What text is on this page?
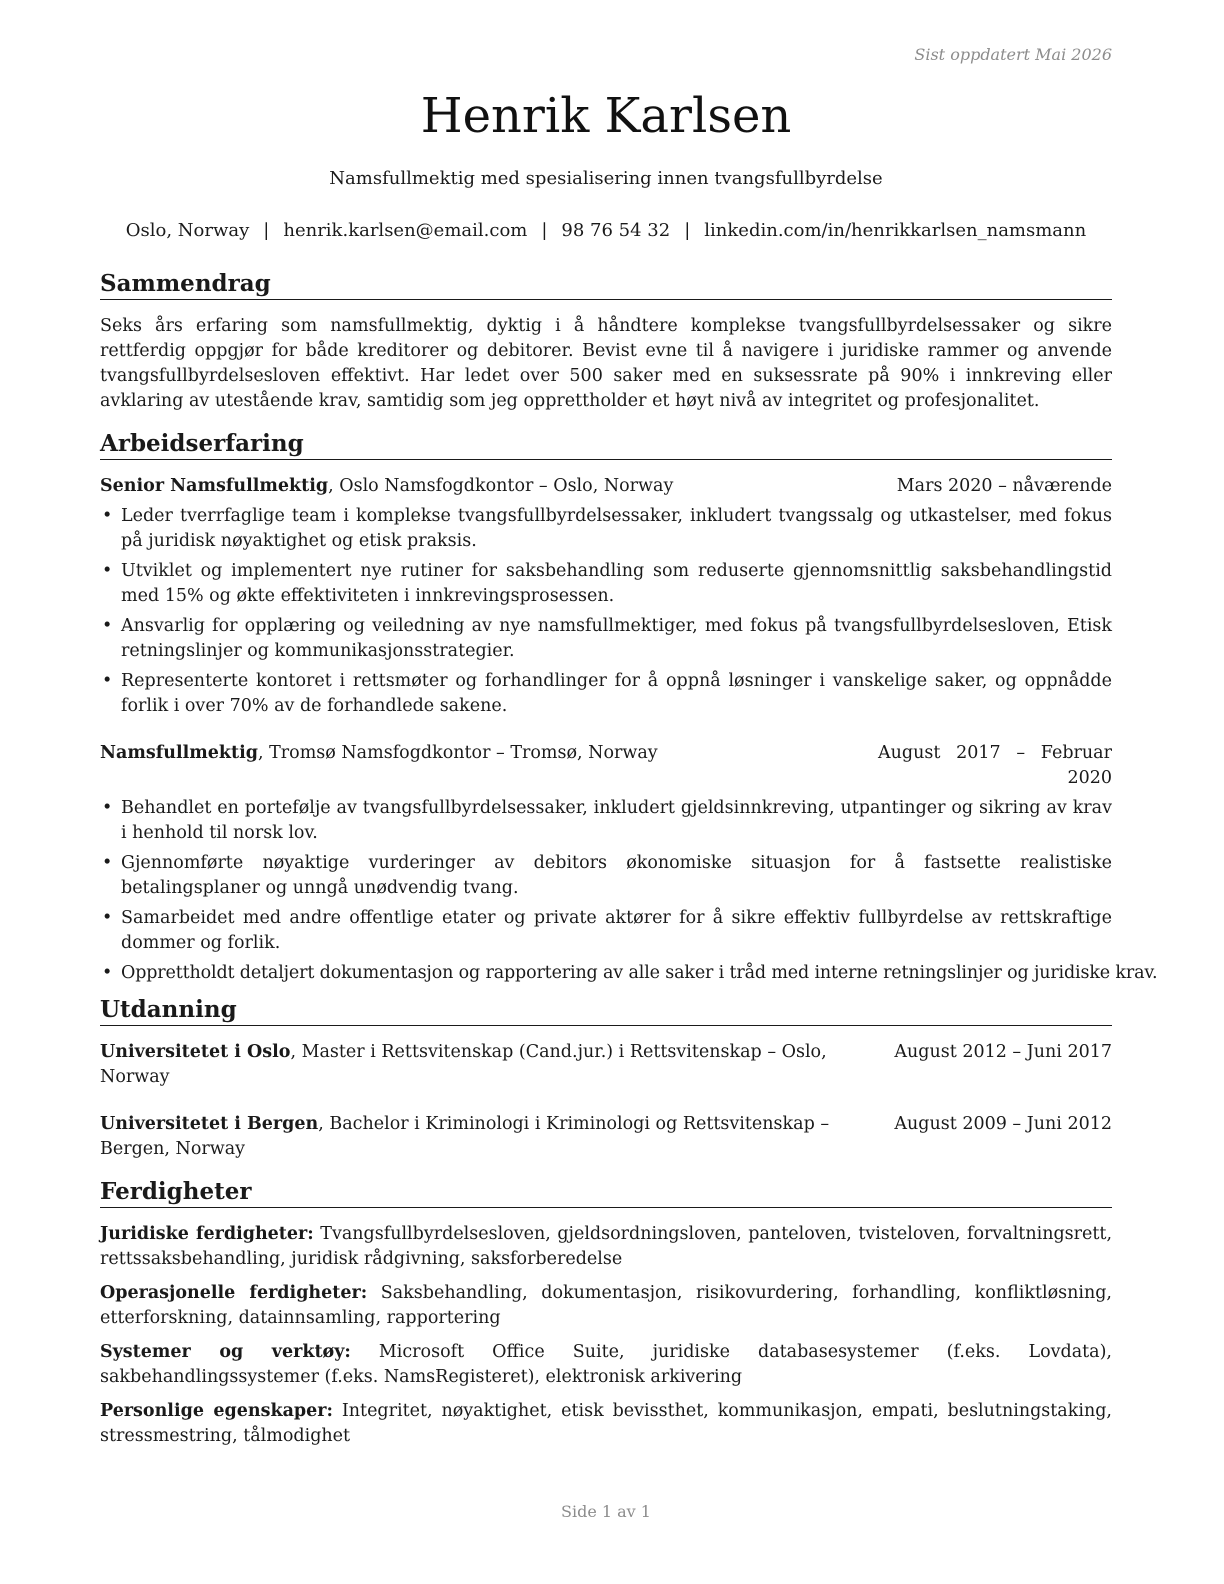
Sist oppdatert Mai 2026
Henrik Karlsen
Namsfullmektig med spesialisering innen tvangsfullbyrdelse
Oslo, Norway | henrik.karlsen@email.com | 98 76 54 32 | linkedin.com/in/henrikkarlsen_namsmann
Sammendrag

Seks års erfaring som namsfullmektig, dyktig i å håndtere komplekse tvangsfullbyrdelsessaker og sikre rettferdig oppgjør for både kreditorer og debitorer. Bevist evne til å navigere i juridiske rammer og anvende tvangsfullbyrdelsesloven effektivt. Har ledet over 500 saker med en suksessrate på 90% i innkreving eller avklaring av utestående krav, samtidig som jeg opprettholder et høyt nivå av integritet og profesjonalitet.

Arbeidserfaring
Senior Namsfullmektig, Oslo Namsfogdkontor – Oslo, Norway	Mars 2020 – nåværende
• Leder tverrfaglige team i komplekse tvangsfullbyrdelsessaker, inkludert tvangssalg og utkastelser, med fokus på juridisk nøyaktighet og etisk praksis.
• Utviklet og implementert nye rutiner for saksbehandling som reduserte gjennomsnittlig saksbehandlingstid med 15% og økte effektiviteten i innkrevingsprosessen.
• Ansvarlig for opplæring og veiledning av nye namsfullmektiger, med fokus på tvangsfullbyrdelsesloven, Etisk retningslinjer og kommunikasjonsstrategier.
• Representerte kontoret i rettsmøter og forhandlinger for å oppnå løsninger i vanskelige saker, og oppnådde forlik i over 70% av de forhandlede sakene.
Namsfullmektig, Tromsø Namsfogdkontor – Tromsø, Norway	August 2017 – Februar 2020
• Behandlet en portefølje av tvangsfullbyrdelsessaker, inkludert gjeldsinnkreving, utpantinger og sikring av krav i henhold til norsk lov.
• Gjennomførte nøyaktige vurderinger av debitors økonomiske situasjon for å fastsette realistiske betalingsplaner og unngå unødvendig tvang.
• Samarbeidet med andre offentlige etater og private aktører for å sikre effektiv fullbyrdelse av rettskraftige dommer og forlik.
• Opprettholdt detaljert dokumentasjon og rapportering av alle saker i tråd med interne retningslinjer og juridiske krav.
Utdanning
Universitetet i Oslo, Master i Rettsvitenskap (Cand.jur.) i Rettsvitenskap – Oslo, Norway
August 2012 – Juni 2017
Universitetet i Bergen, Bachelor i Kriminologi i Kriminologi og Rettsvitenskap – Bergen, Norway
August 2009 – Juni 2012
Ferdigheter

Juridiske ferdigheter: Tvangsfullbyrdelsesloven, gjeldsordningsloven, panteloven, tvisteloven, forvaltningsrett, rettssaksbehandling, juridisk rådgivning, saksforberedelse

Operasjonelle ferdigheter: Saksbehandling, dokumentasjon, risikovurdering, forhandling, konfliktløsning, etterforskning, datainnsamling, rapportering

Systemer og verktøy: Microsoft Office Suite, juridiske databasesystemer (f.eks. Lovdata), sakbehandlingssystemer (f.eks. NamsRegisteret), elektronisk arkivering

Personlige egenskaper: Integritet, nøyaktighet, etisk bevissthet, kommunikasjon, empati, beslutningstaking, stressmestring, tålmodighet

Side 1 av 1
